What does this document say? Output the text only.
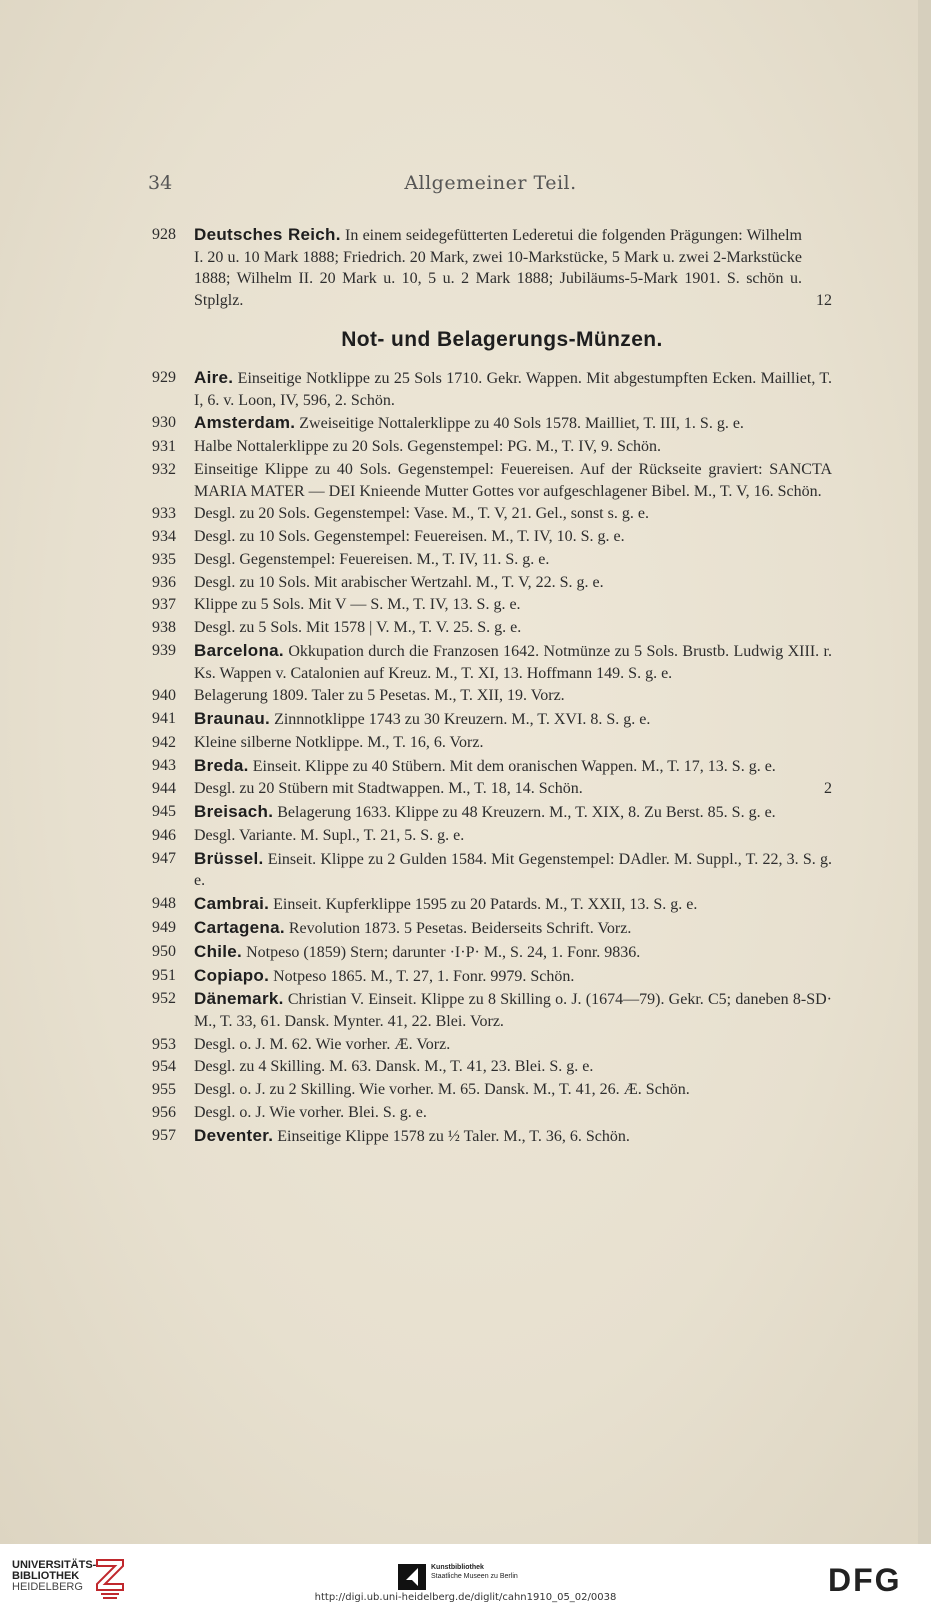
34	Allgemeiner Teil.
928	Deutsches Reich. In einem seidegefütterten Lederetui die folgenden Prägungen: Wilhelm I. 20 u. 10 Mark 1888; Friedrich. 20 Mark, zwei 10-Markstücke, 5 Mark u. zwei 2-Markstücke 1888; Wilhelm II. 20 Mark u. 10, 5 u. 2 Mark 1888; Jubiläums-5-Mark 1901. S. schön u. Stplglz.	12
Not- und Belagerungs-Münzen.
929	Aire. Einseitige Notklippe zu 25 Sols 1710. Gekr. Wappen. Mit abgestumpften Ecken. Mailliet, T. I, 6. v. Loon, IV, 596, 2. Schön.
930	Amsterdam. Zweiseitige Nottalerklippe zu 40 Sols 1578. Mailliet, T. III, 1. S. g. e.
931	Halbe Nottalerklippe zu 20 Sols. Gegenstempel: PG. M., T. IV, 9. Schön.
932	Einseitige Klippe zu 40 Sols. Gegenstempel: Feuereisen. Auf der Rückseite graviert: SANCTA MARIA MATER — DEI Knieende Mutter Gottes vor aufgeschlagener Bibel. M., T. V, 16. Schön.
933	Desgl. zu 20 Sols. Gegenstempel: Vase. M., T. V, 21. Gel., sonst s. g. e.
934	Desgl. zu 10 Sols. Gegenstempel: Feuereisen. M., T. IV, 10. S. g. e.
935	Desgl. Gegenstempel: Feuereisen. M., T. IV, 11. S. g. e.
936	Desgl. zu 10 Sols. Mit arabischer Wertzahl. M., T. V, 22. S. g. e.
937	Klippe zu 5 Sols. Mit V — S. M., T. IV, 13. S. g. e.
938	Desgl. zu 5 Sols. Mit 1578 | V. M., T. V. 25. S. g. e.
939	Barcelona. Okkupation durch die Franzosen 1642. Notmünze zu 5 Sols. Brustb. Ludwig XIII. r. Ks. Wappen v. Catalonien auf Kreuz. M., T. XI, 13. Hoffmann 149. S. g. e.
940	Belagerung 1809. Taler zu 5 Pesetas. M., T. XII, 19. Vorz.
941	Braunau. Zinnnotklippe 1743 zu 30 Kreuzern. M., T. XVI. 8. S. g. e.
942	Kleine silberne Notklippe. M., T. 16, 6. Vorz.
943	Breda. Einseit. Klippe zu 40 Stübern. Mit dem oranischen Wappen. M., T. 17, 13. S. g. e.
944	Desgl. zu 20 Stübern mit Stadtwappen. M., T. 18, 14. Schön.	2
945	Breisach. Belagerung 1633. Klippe zu 48 Kreuzern. M., T. XIX, 8. Zu Berst. 85. S. g. e.
946	Desgl. Variante. M. Supl., T. 21, 5. S. g. e.
947	Brüssel. Einseit. Klippe zu 2 Gulden 1584. Mit Gegenstempel: DAdler. M. Suppl., T. 22, 3. S. g. e.
948	Cambrai. Einseit. Kupferklippe 1595 zu 20 Patards. M., T. XXII, 13. S. g. e.
949	Cartagena. Revolution 1873. 5 Pesetas. Beiderseits Schrift. Vorz.
950	Chile. Notpeso (1859) Stern; darunter ·I·P· M., S. 24, 1. Fonr. 9836.
951	Copiapo. Notpeso 1865. M., T. 27, 1. Fonr. 9979. Schön.
952	Dänemark. Christian V. Einseit. Klippe zu 8 Skilling o. J. (1674—79). Gekr. C5; daneben 8-SD· M., T. 33, 61. Dansk. Mynter. 41, 22. Blei. Vorz.
953	Desgl. o. J. M. 62. Wie vorher. Æ. Vorz.
954	Desgl. zu 4 Skilling. M. 63. Dansk. M., T. 41, 23. Blei. S. g. e.
955	Desgl. o. J. zu 2 Skilling. Wie vorher. M. 65. Dansk. M., T. 41, 26. Æ. Schön.
956	Desgl. o. J. Wie vorher. Blei. S. g. e.
957	Deventer. Einseitige Klippe 1578 zu ½ Taler. M., T. 36, 6. Schön.
UNIVERSITÄTS-
BIBLIOTHEK
HEIDELBERG
Kunstbibliothek
Staatliche Museen zu Berlin	DFG
http://digi.ub.uni-heidelberg.de/diglit/cahn1910_05_02/0038
